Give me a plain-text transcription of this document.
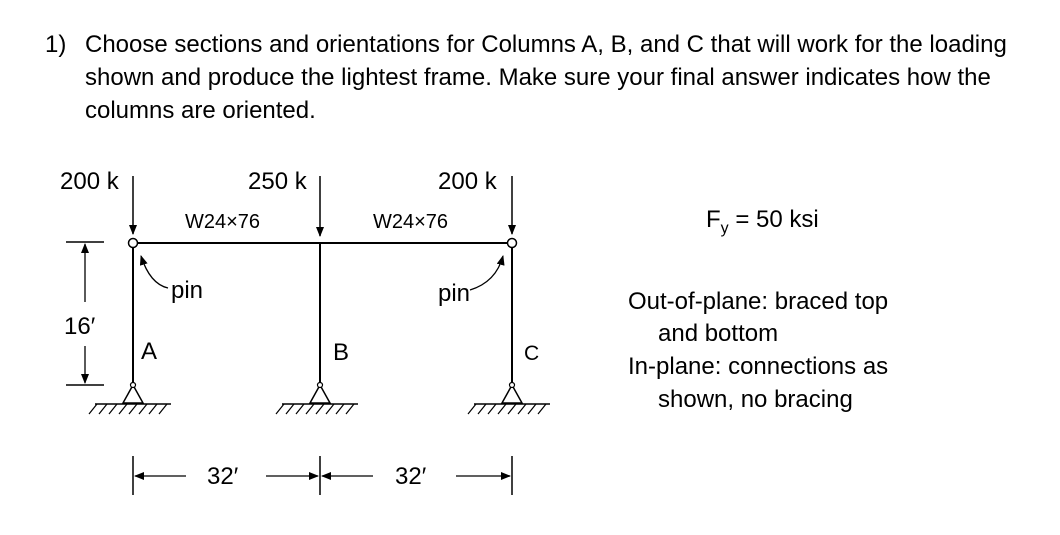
1) Choose sections and orientations for Columns A, B, and C that will work for the loading shown and produce the lightest frame. Make sure your final answer indicates how the columns are oriented.
200 k	250 k	200 k
W24×76	W24×76
pin	pin
A	B	C
16′
32′	32′
$F_y = 50$ ksi
Out-of-plane: braced top
and bottom
In-plane: connections as
shown, no bracing
